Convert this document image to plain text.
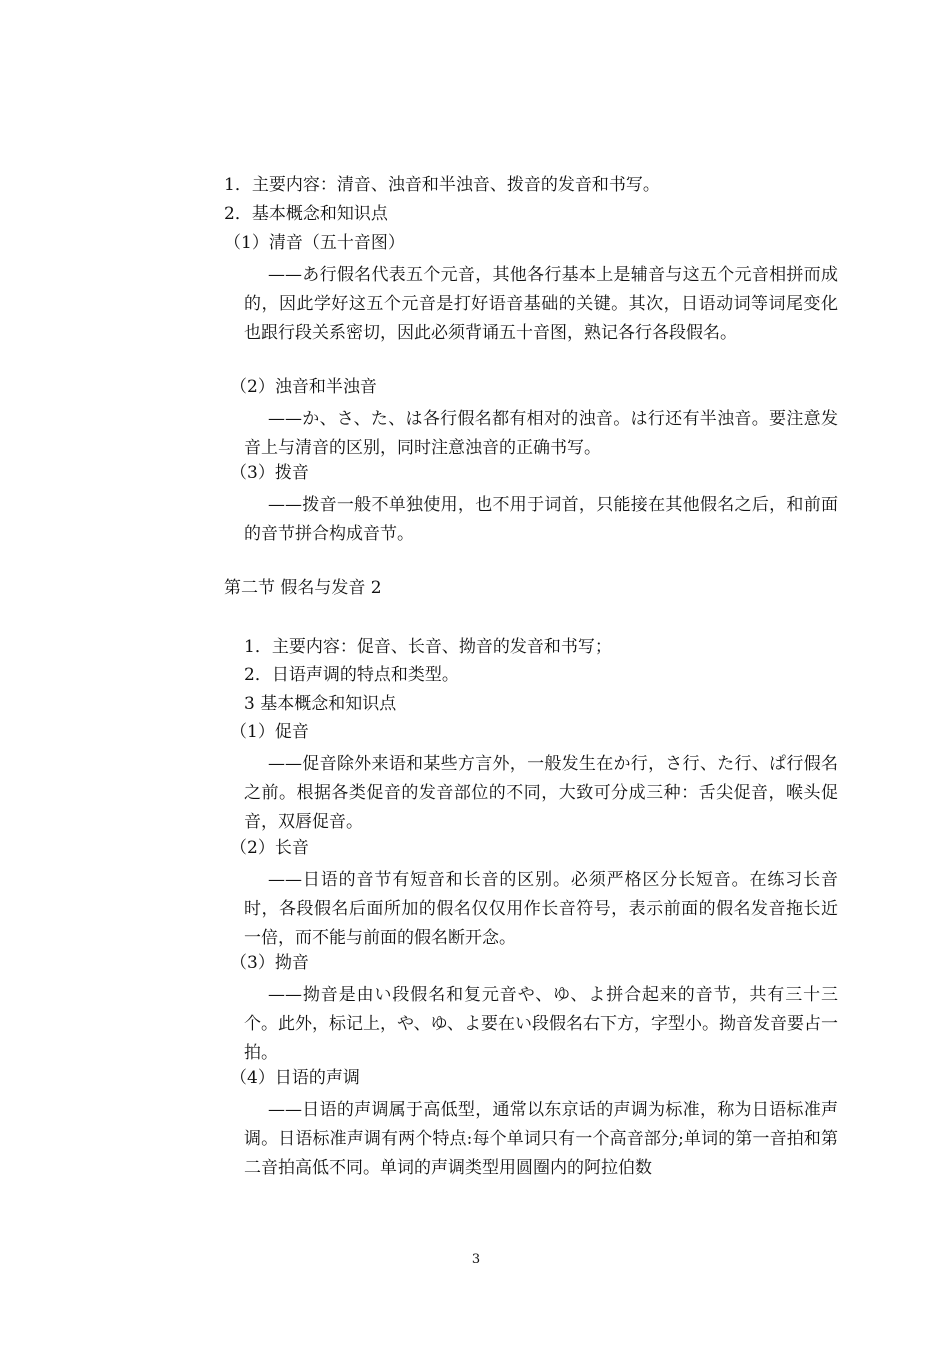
1．主要内容：清音、浊音和半浊音、拨音的发音和书写。
2．基本概念和知识点
（1）清音（五十音图）
——あ行假名代表五个元音，其他各行基本上是辅音与这五个元音相拼而成的，因此学好这五个元音是打好语音基础的关键。其次，日语动词等词尾变化也跟行段关系密切，因此必须背诵五十音图，熟记各行各段假名。
（2）浊音和半浊音
——か、さ、た、は各行假名都有相对的浊音。は行还有半浊音。要注意发音上与清音的区别，同时注意浊音的正确书写。
（3）拨音
——拨音一般不单独使用，也不用于词首，只能接在其他假名之后，和前面的音节拼合构成音节。
第二节 假名与发音 2
1．主要内容：促音、长音、拗音的发音和书写；
2．日语声调的特点和类型。
3 基本概念和知识点
（1）促音
——促音除外来语和某些方言外，一般发生在か行，さ行、た行、ぱ行假名之前。根据各类促音的发音部位的不同，大致可分成三种：舌尖促音，喉头促音，双唇促音。
（2）长音
——日语的音节有短音和长音的区别。必须严格区分长短音。在练习长音时，各段假名后面所加的假名仅仅用作长音符号，表示前面的假名发音拖长近一倍，而不能与前面的假名断开念。
（3）拗音
——拗音是由い段假名和复元音や、ゆ、よ拼合起来的音节，共有三十三个。此外，标记上，や、ゆ、よ要在い段假名右下方，字型小。拗音发音要占一拍。
（4）日语的声调
——日语的声调属于高低型，通常以东京话的声调为标准，称为日语标准声调。日语标准声调有两个特点:每个单词只有一个高音部分;单词的第一音拍和第二音拍高低不同。单词的声调类型用圆圈内的阿拉伯数
3
